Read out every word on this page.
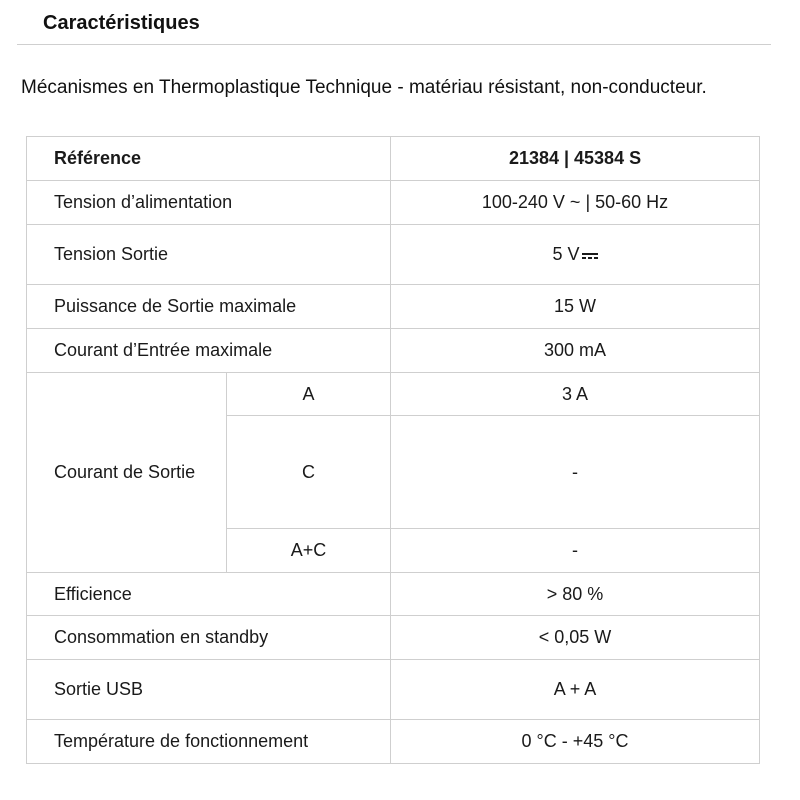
Caractéristiques
Mécanismes en Thermoplastique Technique - matériau résistant, non-conducteur.
Référence		21384 | 45384 S
Tension d’alimentation		100-240 V ~ | 50-60 Hz
Tension Sortie		5 V
Puissance de Sortie maximale		15 W
Courant d’Entrée maximale		300 mA
Courant de Sortie	A	3 A
	C	-
	A+C	-
Efficience		> 80 %
Consommation en standby		< 0,05 W
Sortie USB		A + A
Température de fonctionnement		0 °C - +45 °C
